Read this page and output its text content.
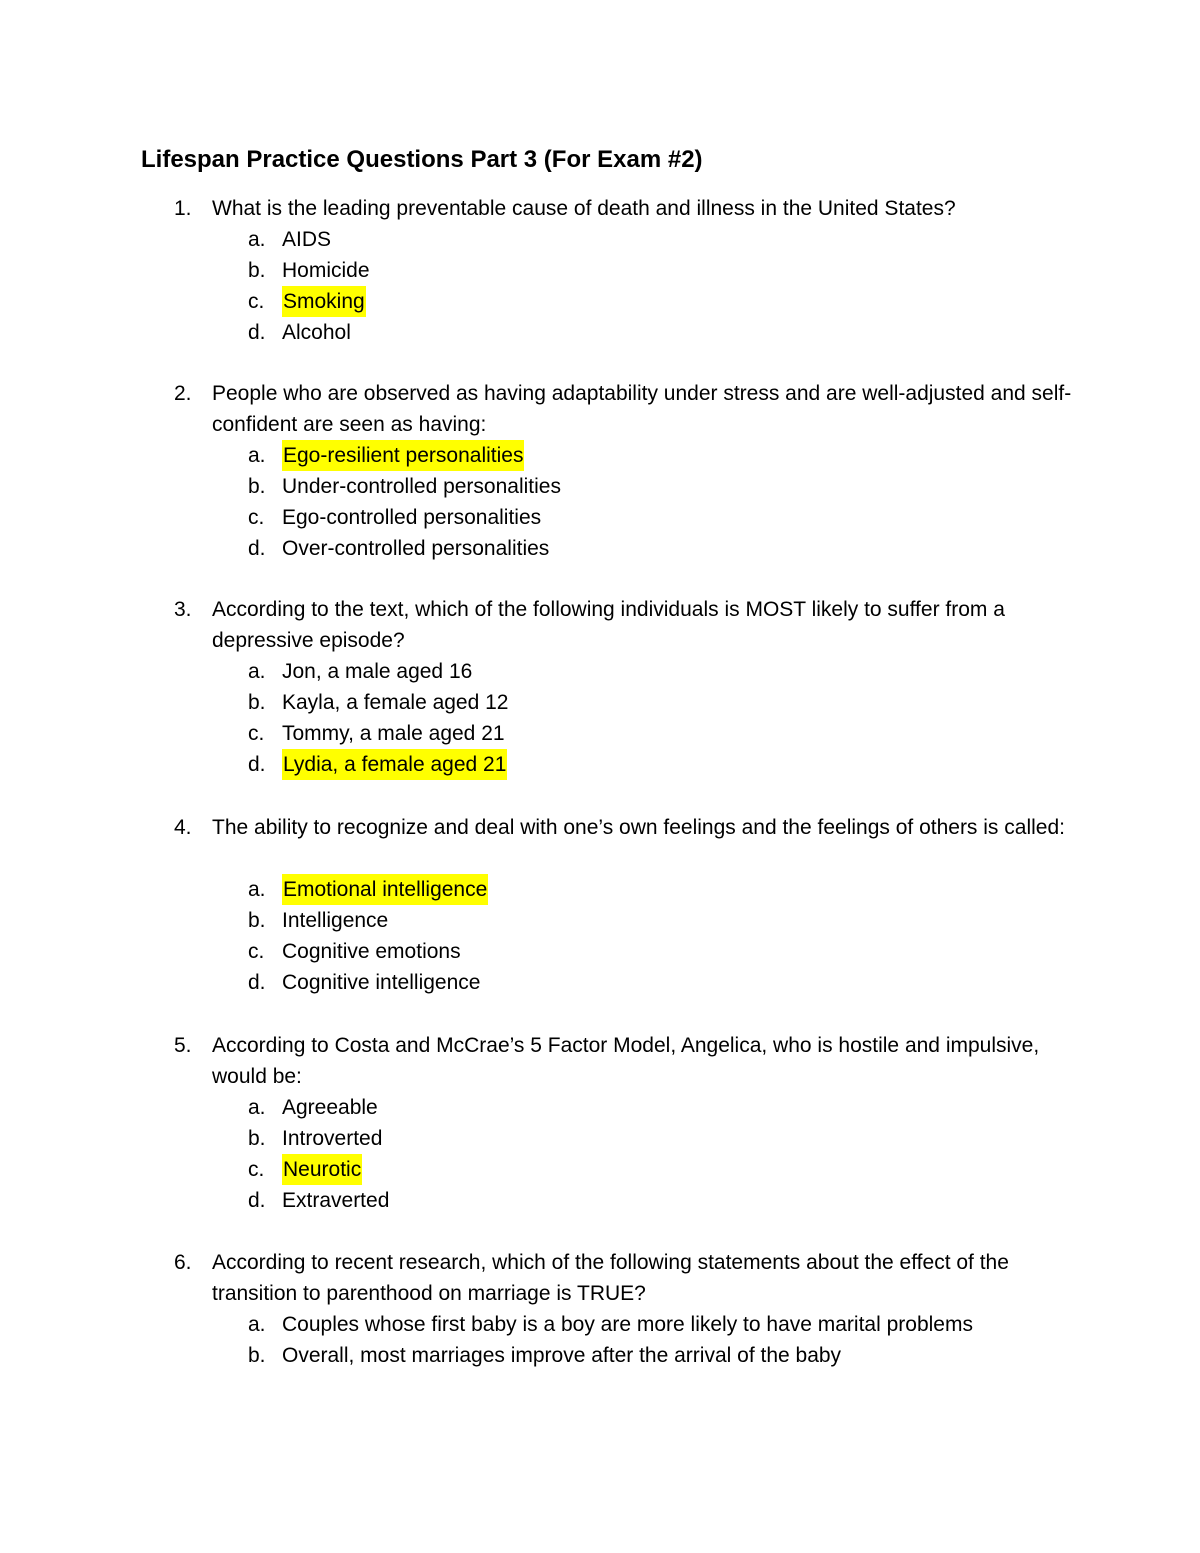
Lifespan Practice Questions Part 3 (For Exam #2)
1. What is the leading preventable cause of death and illness in the United States?
a. AIDS
b. Homicide
c. Smoking
d. Alcohol
2. People who are observed as having adaptability under stress and are well-adjusted and self-confident are seen as having:
a. Ego-resilient personalities
b. Under-controlled personalities
c. Ego-controlled personalities
d. Over-controlled personalities
3. According to the text, which of the following individuals is MOST likely to suffer from a depressive episode?
a. Jon, a male aged 16
b. Kayla, a female aged 12
c. Tommy, a male aged 21
d. Lydia, a female aged 21
4. The ability to recognize and deal with one’s own feelings and the feelings of others is called:
a. Emotional intelligence
b. Intelligence
c. Cognitive emotions
d. Cognitive intelligence
5. According to Costa and McCrae’s 5 Factor Model, Angelica, who is hostile and impulsive, would be:
a. Agreeable
b. Introverted
c. Neurotic
d. Extraverted
6. According to recent research, which of the following statements about the effect of the transition to parenthood on marriage is TRUE?
a. Couples whose first baby is a boy are more likely to have marital problems
b. Overall, most marriages improve after the arrival of the baby
